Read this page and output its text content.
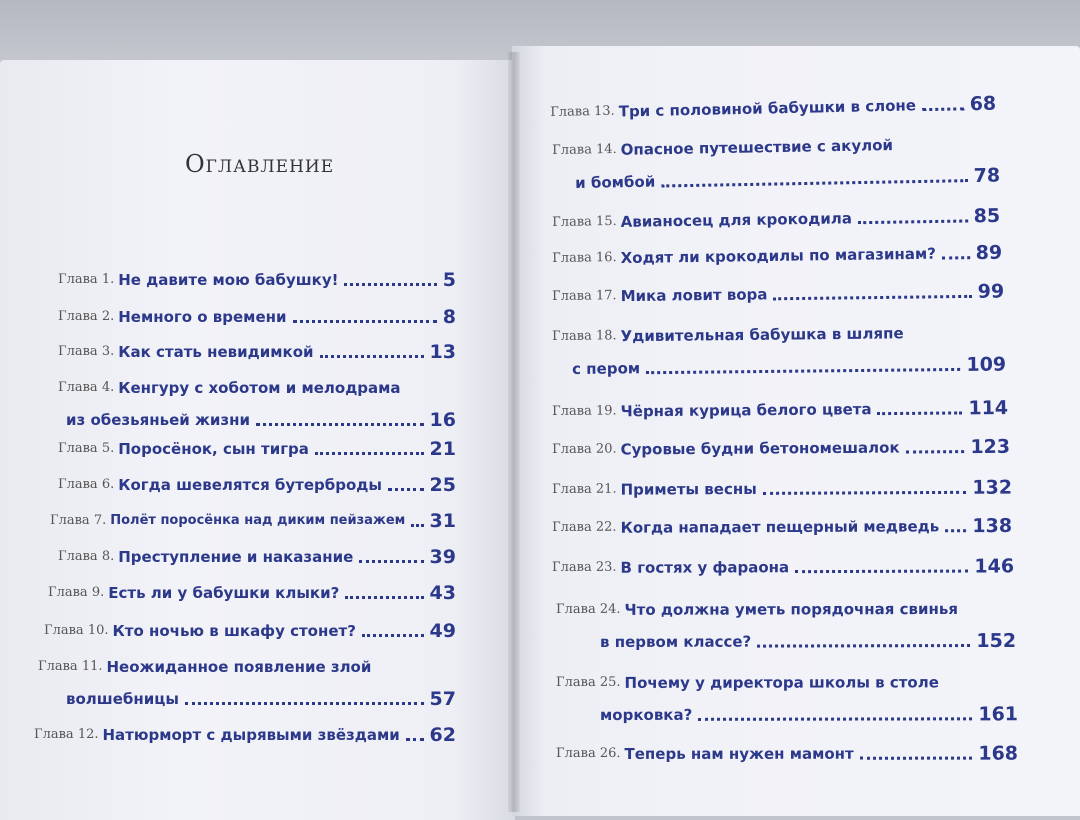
Оглавление
Глава 1. Не давите мою бабушку!	5
Глава 2. Немного о времени	8
Глава 3. Как стать невидимкой	13
Глава 4. Кенгуру с хоботом и мелодрама
из обезьяньей жизни	16
Глава 5. Поросёнок, сын тигра	21
Глава 6. Когда шевелятся бутерброды	25
Глава 7. Полёт поросёнка над диким пейзажем 31
Глава 8. Преступление и наказание	39
Глава 9. Есть ли у бабушки клыки?	43
Глава 10. Кто ночью в шкафу стонет?	49
Глава 11. Неожиданное появление злой
волшебницы	57
Глава 12. Натюрморт с дырявыми звёздами 62
Глава 13. Три с половиной бабушки в слоне	68
Глава 14. Опасное путешествие с акулой
и бомбой	78
Глава 15. Авианосец для крокодила	85
Глава 16. Ходят ли крокодилы по магазинам? 89
Глава 17. Мика ловит вора	99
Глава 18. Удивительная бабушка в шляпе
с пером	109
Глава 19. Чёрная курица белого цвета	114
Глава 20. Суровые будни бетономешалок	123
Глава 21. Приметы весны	132
Глава 22. Когда нападает пещерный медведь 138
Глава 23. В гостях у фараона	146
Глава 24. Что должна уметь порядочная свинья
в первом классе?	152
Глава 25. Почему у директора школы в столе
морковка?	161
Глава 26. Теперь нам нужен мамонт	168
